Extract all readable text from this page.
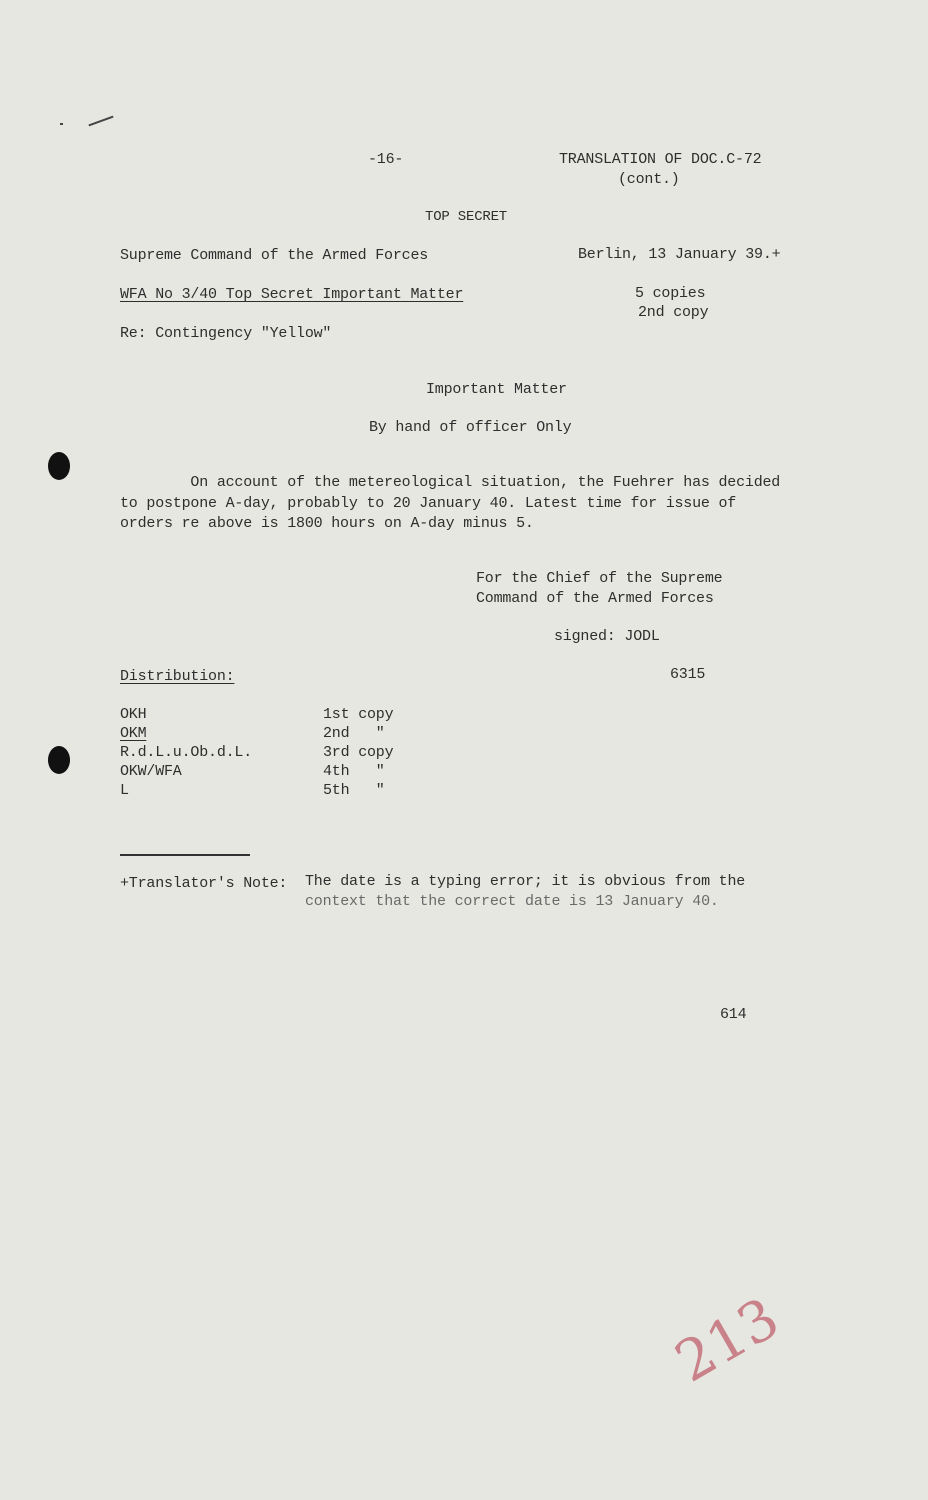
-16-	TRANSLATION OF DOC.C-72
(cont.)
TOP SECRET
Supreme Command of the Armed Forces	Berlin, 13 January 39.+
WFA No 3/40 Top Secret Important Matter	5 copies
2nd copy
Re: Contingency "Yellow"
Important Matter
By hand of officer Only
On account of the metereological situation, the Fuehrer has decided
to postpone A-day, probably to 20 January 40. Latest time for issue of
orders re above is 1800 hours on A-day minus 5.
For the Chief of the Supreme
Command of the Armed Forces
signed: JODL
6315
Distribution:
OKH	1st copy
OKM	2nd   "
R.d.L.u.Ob.d.L.	3rd copy
OKW/WFA	4th   "
L	5th   "
+Translator's Note: The date is a typing error; it is obvious from the
context that the correct date is 13 January 40.
614
213
